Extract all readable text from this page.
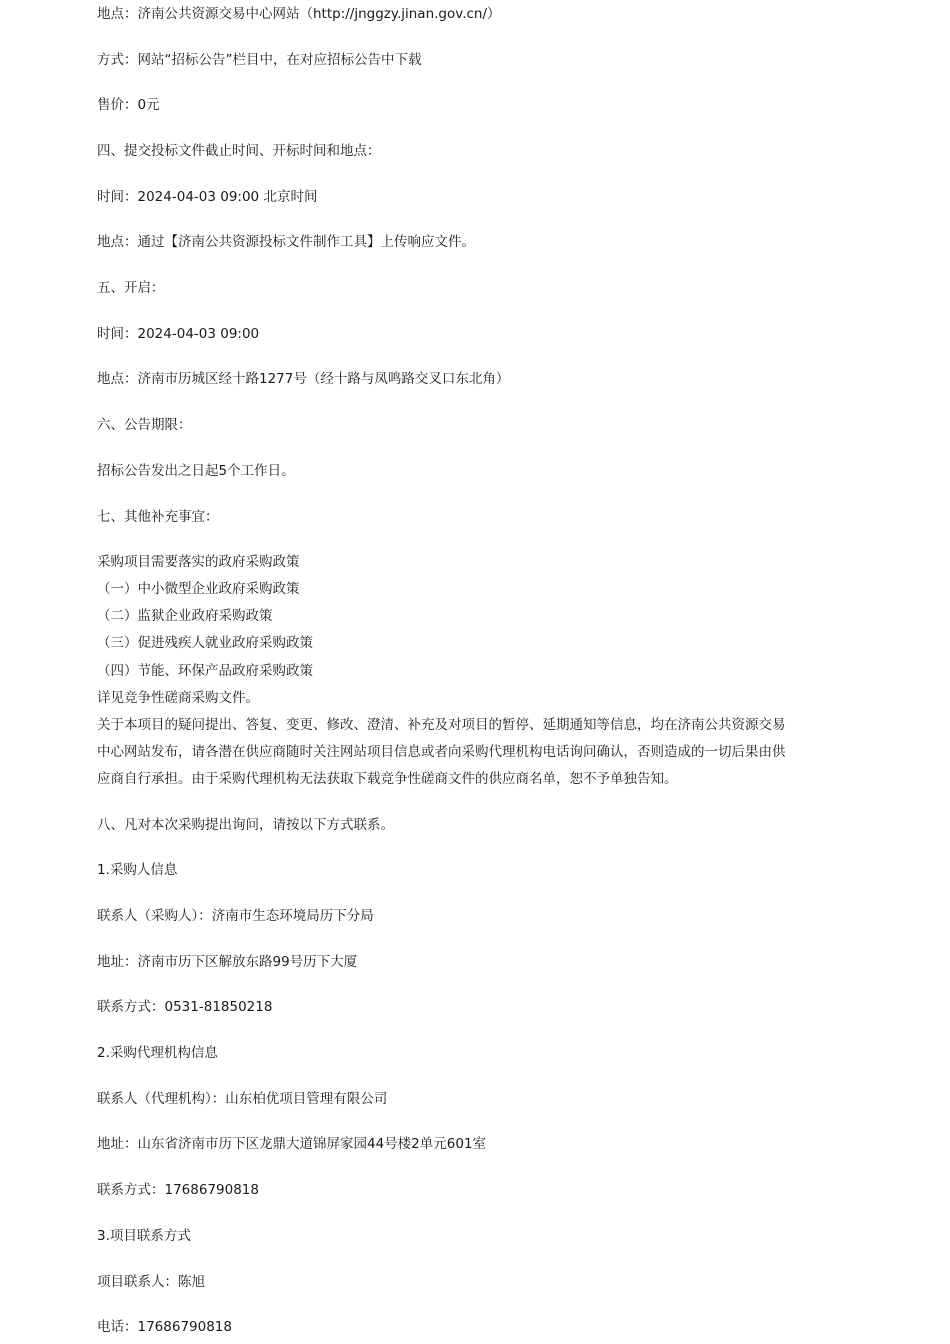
地点：济南公共资源交易中心网站（http://jnggzy.jinan.gov.cn/）
方式：网站“招标公告”栏目中，在对应招标公告中下载
售价：0元
四、提交投标文件截止时间、开标时间和地点：
时间：2024-04-03 09:00 北京时间
地点：通过【济南公共资源投标文件制作工具】上传响应文件。
五、开启：
时间：2024-04-03 09:00
地点：济南市历城区经十路1277号（经十路与凤鸣路交叉口东北角）
六、公告期限：
招标公告发出之日起5个工作日。
七、其他补充事宜：
采购项目需要落实的政府采购政策
（一）中小微型企业政府采购政策
（二）监狱企业政府采购政策
（三）促进残疾人就业政府采购政策
（四）节能、环保产品政府采购政策
详见竞争性磋商采购文件。
关于本项目的疑问提出、答复、变更、修改、澄清、补充及对项目的暂停、延期通知等信息，均在济南公共资源交易中心网站发布，请各潜在供应商随时关注网站项目信息或者向采购代理机构电话询问确认，否则造成的一切后果由供应商自行承担。由于采购代理机构无法获取下载竞争性磋商文件的供应商名单，恕不予单独告知。
八、凡对本次采购提出询问，请按以下方式联系。
1.采购人信息
联系人（采购人）：济南市生态环境局历下分局
地址：济南市历下区解放东路99号历下大厦
联系方式：0531-81850218
2.采购代理机构信息
联系人（代理机构）：山东柏优项目管理有限公司
地址：山东省济南市历下区龙鼎大道锦屏家园44号楼2单元601室
联系方式：17686790818
3.项目联系方式
项目联系人：陈旭
电话：17686790818
